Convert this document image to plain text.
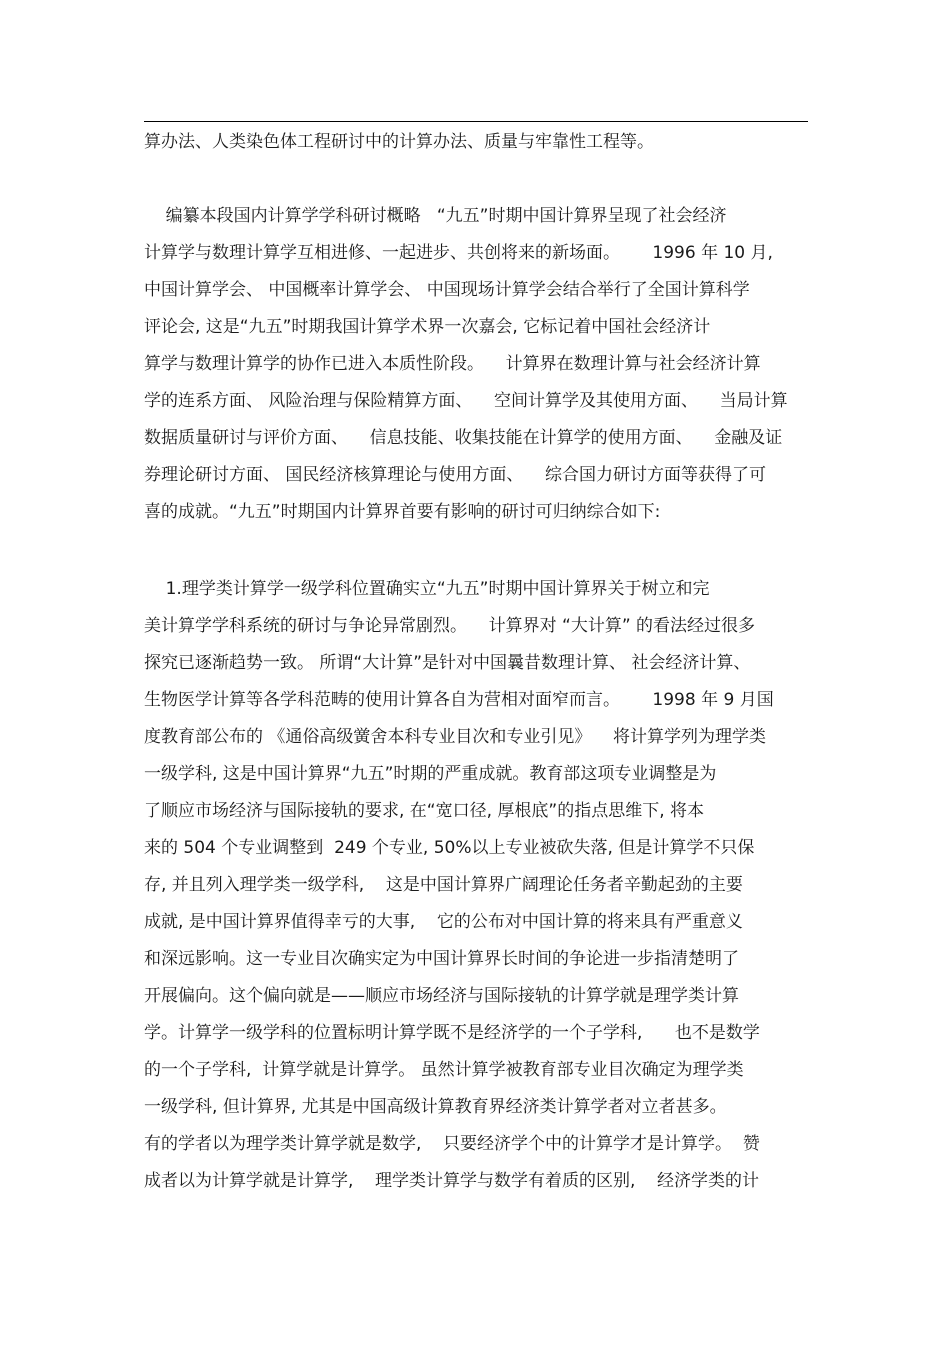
算办法、人类染色体工程研讨中的计算办法、质量与牢靠性工程等。
编纂本段国内计算学学科研讨概略   “九五”时期中国计算界呈现了社会经济
计算学与数理计算学互相进修、一起进步、共创将来的新场面。      1996 年 10 月,
中国计算学会、 中国概率计算学会、 中国现场计算学会结合举行了全国计算科学
评论会, 这是“九五”时期我国计算学术界一次嘉会, 它标记着中国社会经济计
算学与数理计算学的协作已进入本质性阶段。    计算界在数理计算与社会经济计算
学的连系方面、 风险治理与保险精算方面、    空间计算学及其使用方面、    当局计算
数据质量研讨与评价方面、    信息技能、收集技能在计算学的使用方面、    金融及证
券理论研讨方面、 国民经济核算理论与使用方面、    综合国力研讨方面等获得了可
喜的成就。“九五”时期国内计算界首要有影响的研讨可归纳综合如下:
1.理学类计算学一级学科位置确实立“九五”时期中国计算界关于树立和完
美计算学学科系统的研讨与争论异常剧烈。    计算界对 “大计算” 的看法经过很多
探究已逐渐趋势一致。 所谓“大计算”是针对中国曩昔数理计算、 社会经济计算、
生物医学计算等各学科范畴的使用计算各自为营相对面窄而言。      1998 年 9 月国
度教育部公布的 《通俗高级黉舍本科专业目次和专业引见》    将计算学列为理学类
一级学科, 这是中国计算界“九五”时期的严重成就。教育部这项专业调整是为
了顺应市场经济与国际接轨的要求, 在“宽口径, 厚根底”的指点思维下, 将本
来的 504 个专业调整到  249 个专业, 50%以上专业被砍失落, 但是计算学不只保
存, 并且列入理学类一级学科,    这是中国计算界广阔理论任务者辛勤起劲的主要
成就, 是中国计算界值得幸亏的大事,    它的公布对中国计算的将来具有严重意义
和深远影响。这一专业目次确实定为中国计算界长时间的争论进一步指清楚明了
开展偏向。这个偏向就是——顺应市场经济与国际接轨的计算学就是理学类计算
学。计算学一级学科的位置标明计算学既不是经济学的一个子学科,      也不是数学
的一个子学科,  计算学就是计算学。 虽然计算学被教育部专业目次确定为理学类
一级学科, 但计算界, 尤其是中国高级计算教育界经济类计算学者对立者甚多。
有的学者以为理学类计算学就是数学,    只要经济学个中的计算学才是计算学。  赞
成者以为计算学就是计算学,    理学类计算学与数学有着质的区别,    经济学类的计
